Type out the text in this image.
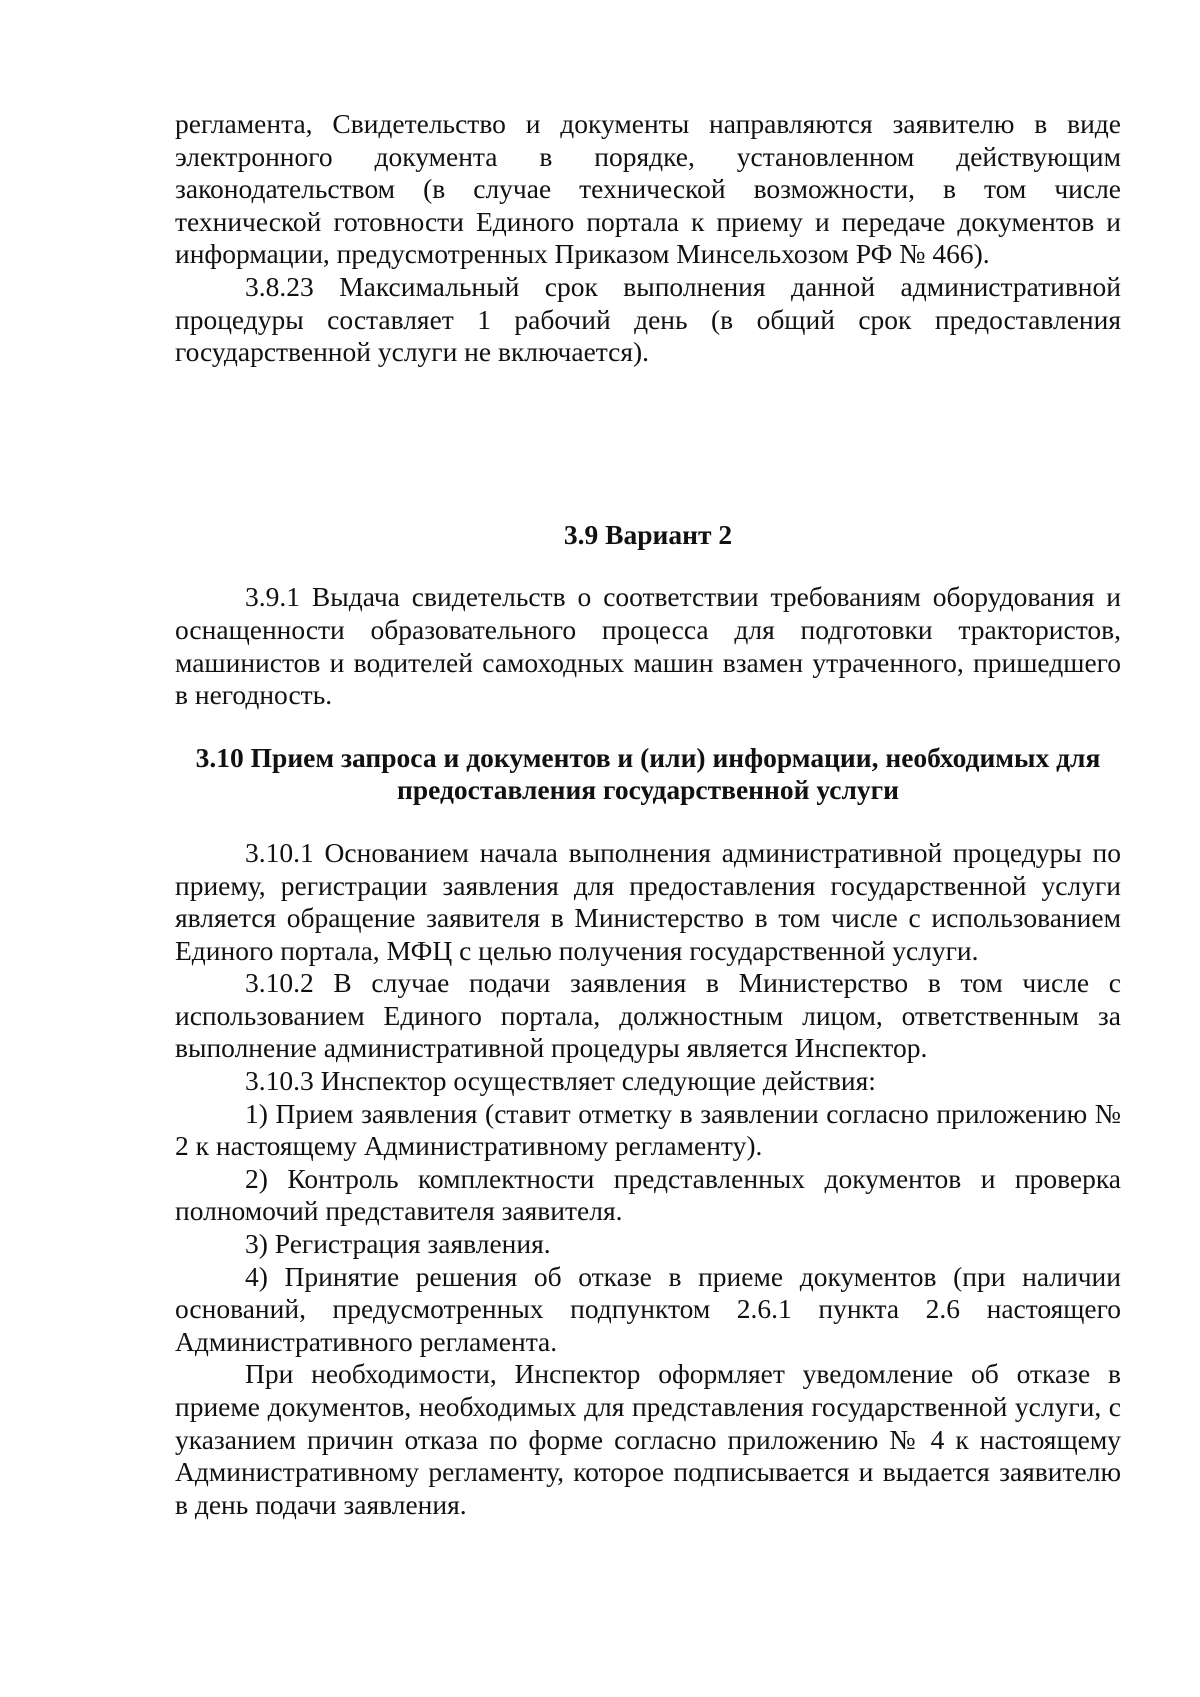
регламента, Свидетельство и документы направляются заявителю в виде электронного документа в порядке, установленном действующим законодательством (в случае технической возможности, в том числе технической готовности Единого портала к приему и передаче документов и информации, предусмотренных Приказом Минсельхозом РФ № 466).

3.8.23 Максимальный срок выполнения данной административной процедуры составляет 1 рабочий день (в общий срок предоставления государственной услуги не включается).

3.9 Вариант 2

3.9.1 Выдача свидетельств о соответствии требованиям оборудования и оснащенности образовательного процесса для подготовки трактористов, машинистов и водителей самоходных машин взамен утраченного, пришедшего в негодность.

3.10 Прием запроса и документов и (или) информации, необходимых для
предоставления государственной услуги

3.10.1 Основанием начала выполнения административной процедуры по приему, регистрации заявления для предоставления государственной услуги является обращение заявителя в Министерство в том числе с использованием Единого портала, МФЦ с целью получения государственной услуги.

3.10.2 В случае подачи заявления в Министерство в том числе с использованием Единого портала, должностным лицом, ответственным за выполнение административной процедуры является Инспектор.

3.10.3 Инспектор осуществляет следующие действия:

1) Прием заявления (ставит отметку в заявлении согласно приложению № 2 к настоящему Административному регламенту).

2) Контроль комплектности представленных документов и проверка полномочий представителя заявителя.

3) Регистрация заявления.

4) Принятие решения об отказе в приеме документов (при наличии оснований, предусмотренных подпунктом 2.6.1 пункта 2.6 настоящего Административного регламента.

При необходимости, Инспектор оформляет уведомление об отказе в приеме документов, необходимых для представления государственной услуги, с указанием причин отказа по форме согласно приложению № 4 к настоящему Административному регламенту, которое подписывается и выдается заявителю в день подачи заявления.
